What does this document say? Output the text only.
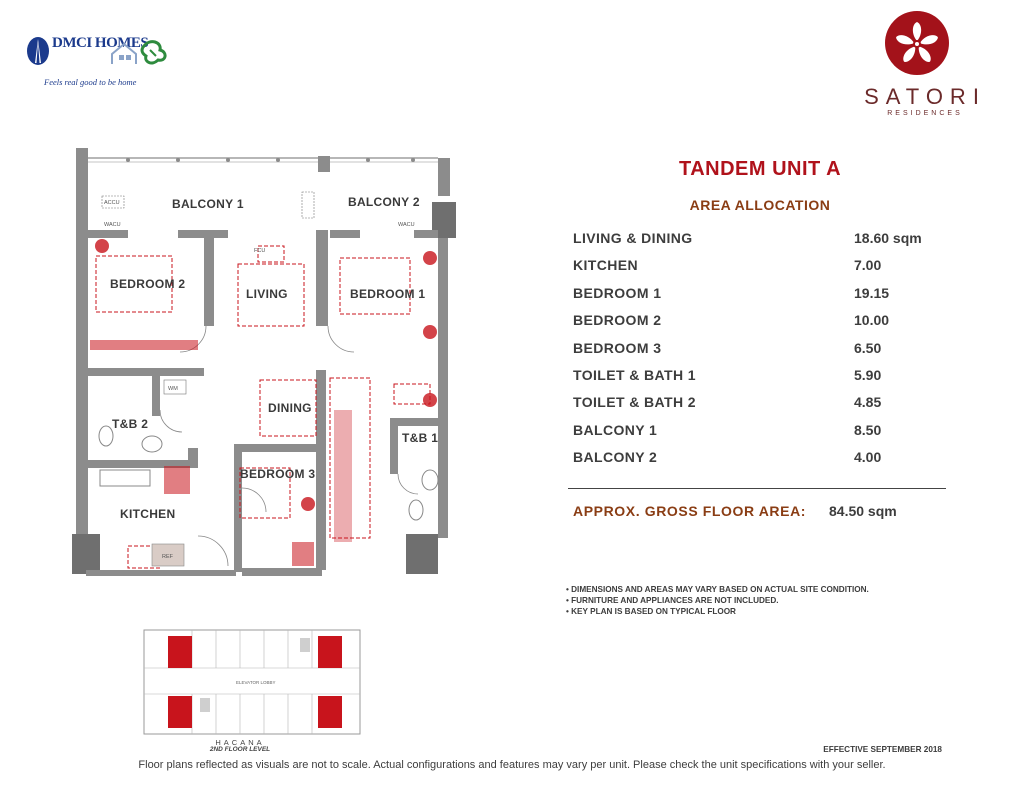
DMCI HOMES
Feels real good to be home
SATORI
RESIDENCES
ACCU
WACU	WACU
FCU
WM
REF
BALCONY 1	BALCONY 2
BEDROOM 2
LIVING	BEDROOM 1
DINING
T&B 2
T&B 1
BEDROOM 3
KITCHEN
ELEVATOR LOBBY
HACANA
2ND FLOOR LEVEL
TANDEM UNIT A
AREA ALLOCATION
LIVING & DINING	18.60 sqm
KITCHEN	7.00
BEDROOM 1	19.15
BEDROOM 2	10.00
BEDROOM 3	6.50
TOILET & BATH 1	5.90
TOILET & BATH 2	4.85
BALCONY 1	8.50
BALCONY 2	4.00
APPROX. GROSS FLOOR AREA: 84.50 sqm
• DIMENSIONS AND AREAS MAY VARY BASED ON ACTUAL SITE CONDITION.
• FURNITURE AND APPLIANCES ARE NOT INCLUDED.
• KEY PLAN IS BASED ON TYPICAL FLOOR
EFFECTIVE SEPTEMBER 2018
Floor plans reflected as visuals are not to scale. Actual configurations and features may vary per unit. Please check the unit specifications with your seller.
